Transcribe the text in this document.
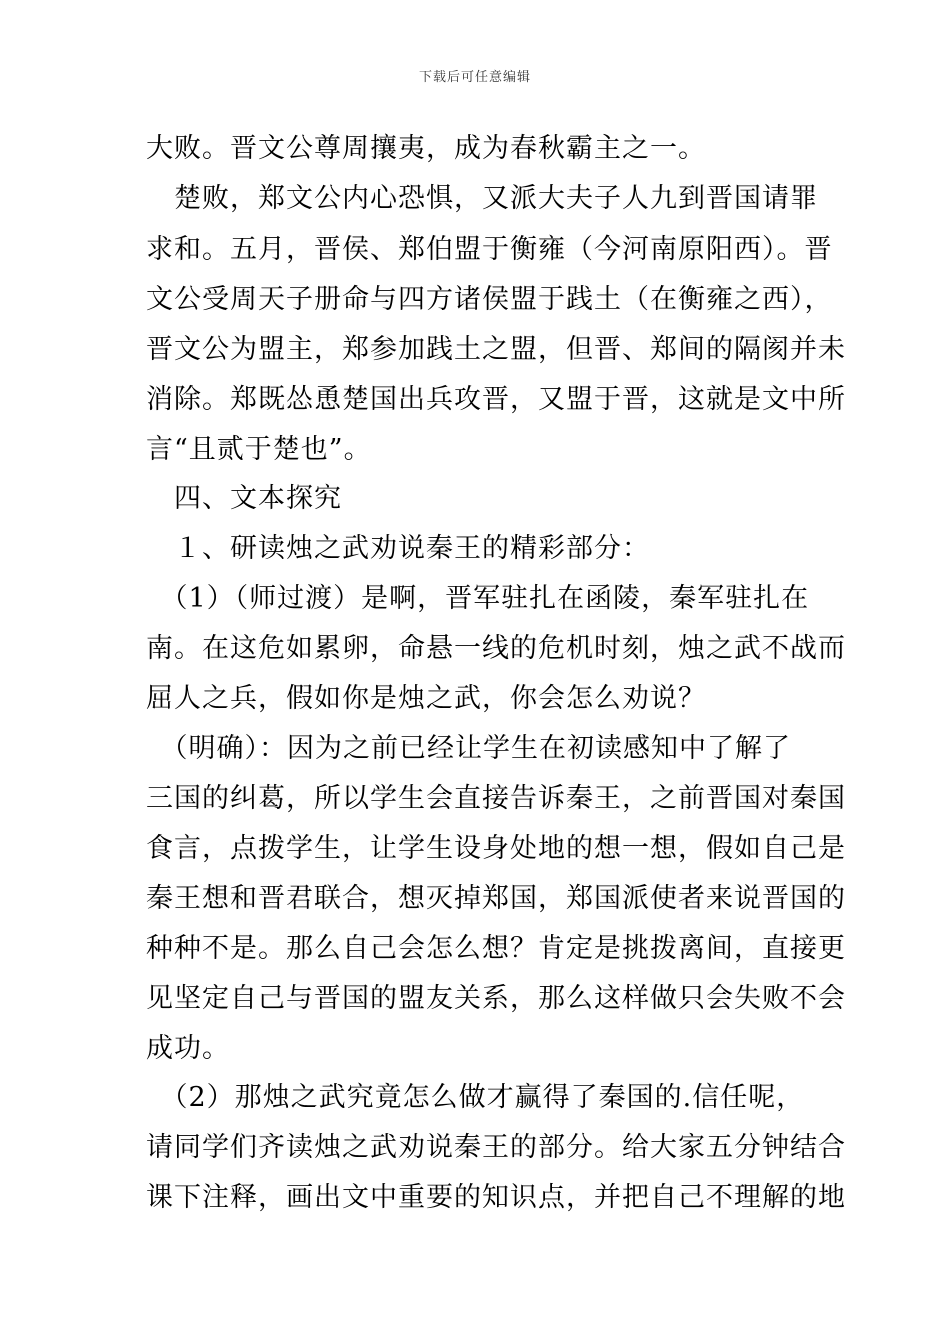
下载后可任意编辑
大败。晋文公尊周攘夷，成为春秋霸主之一。
　楚败，郑文公内心恐惧，又派大夫子人九到晋国请罪
求和。五月，晋侯、郑伯盟于衡雍（今河南原阳西）。晋
文公受周天子册命与四方诸侯盟于践土（在衡雍之西），
晋文公为盟主，郑参加践土之盟，但晋、郑间的隔阂并未
消除。郑既怂恿楚国出兵攻晋，又盟于晋，这就是文中所
言“且贰于楚也”。
　四、文本探究
　１、研读烛之武劝说秦王的精彩部分：
　（1）（师过渡）是啊，晋军驻扎在函陵，秦军驻扎在
南。在这危如累卵，命悬一线的危机时刻，烛之武不战而
屈人之兵，假如你是烛之武，你会怎么劝说？
　（明确）：因为之前已经让学生在初读感知中了解了
三国的纠葛，所以学生会直接告诉秦王，之前晋国对秦国
食言，点拨学生，让学生设身处地的想一想，假如自己是
秦王想和晋君联合，想灭掉郑国，郑国派使者来说晋国的
种种不是。那么自己会怎么想？肯定是挑拨离间，直接更
见坚定自己与晋国的盟友关系，那么这样做只会失败不会
成功。
　（2）那烛之武究竟怎么做才赢得了秦国的.信任呢，
请同学们齐读烛之武劝说秦王的部分。给大家五分钟结合
课下注释，画出文中重要的知识点，并把自己不理解的地
